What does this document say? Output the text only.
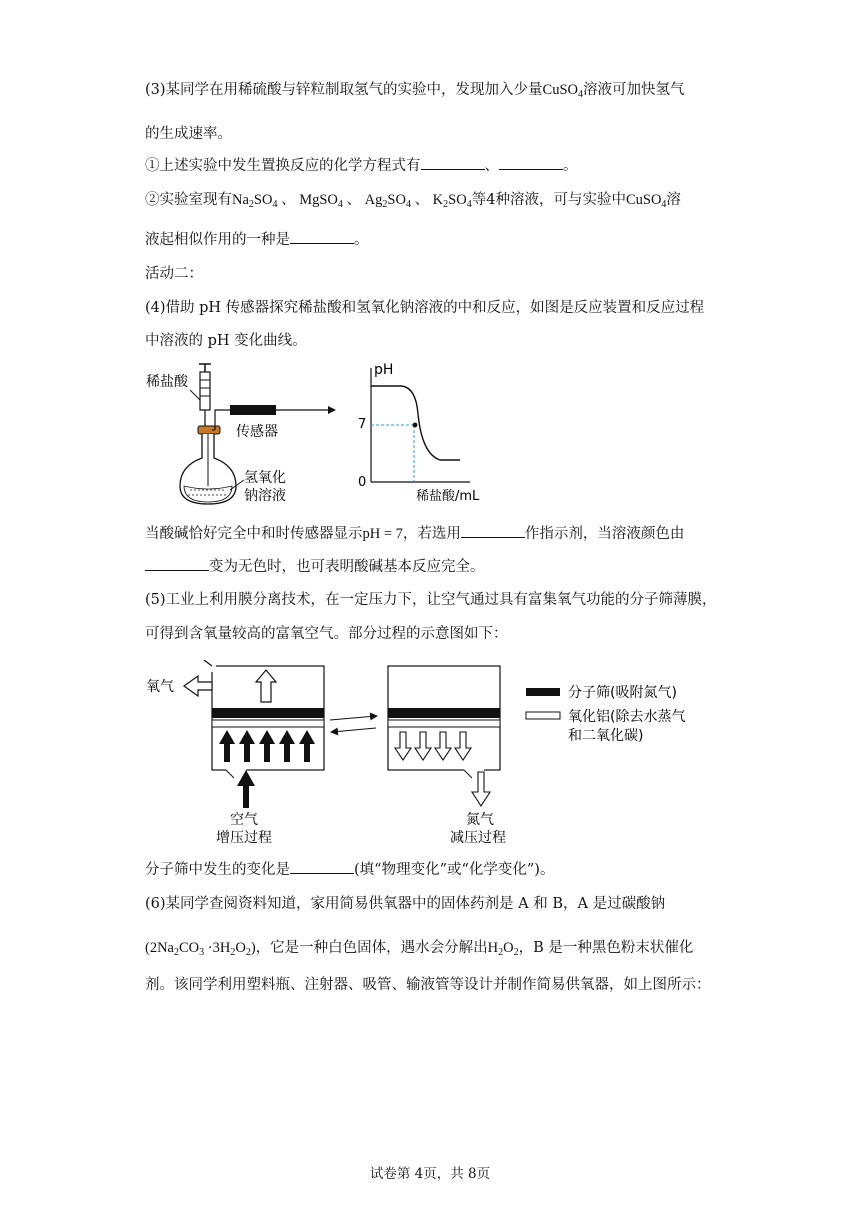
(3)某同学在用稀硫酸与锌粒制取氢气的实验中，发现加入少量CuSO$_4$溶液可加快氢气
的生成速率。
①上述实验中发生置换反应的化学方程式有	、	。
②实验室现有$Na_2SO_4$ 、 MgSO$_4$ 、 $Ag_2SO_4$ 、 $K_2SO_4$等4种溶液，可与实验中CuSO$_4$溶
液起相似作用的一种是	。
活动二：
(4)借助 pH 传感器探究稀盐酸和氢氧化钠溶液的中和反应，如图是反应装置和反应过程
中溶液的 pH 变化曲线。
稀盐酸
传感器
氢氧化
钠溶液
pH
7
0
稀盐酸/mL
当酸碱恰好完全中和时传感器显示pH = 7，若选用	作指示剂，当溶液颜色由
变为无色时，也可表明酸碱基本反应完全。
(5)工业上利用膜分离技术，在一定压力下，让空气通过具有富集氧气功能的分子筛薄膜，
可得到含氧量较高的富氧空气。部分过程的示意图如下：
氧气
空气
增压过程
氮气
减压过程
分子筛(吸附氮气)
氧化铝(除去水蒸气
和二氧化碳)
分子筛中发生的变化是	(填“物理变化”或“化学变化”)。
(6)某同学查阅资料知道，家用简易供氧器中的固体药剂是 A 和 B，A 是过碳酸钠
$(2Na_2CO_3 \cdot 3H_2O_2)$，它是一种白色固体，遇水会分解出$H_2O_2$，B 是一种黑色粉末状催化
剂。该同学利用塑料瓶、注射器、吸管、输液管等设计并制作简易供氧器，如上图所示：
试卷第 4页，共 8页
